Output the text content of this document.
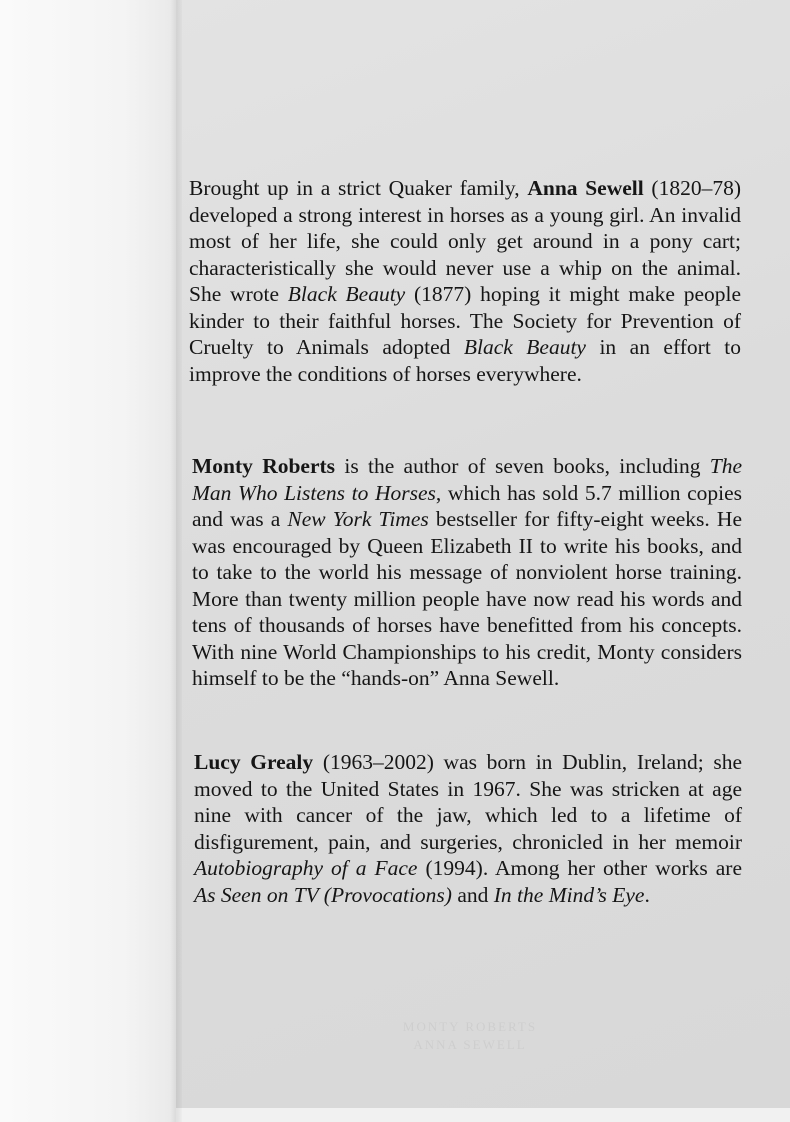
Brought up in a strict Quaker family, Anna Sewell (1820–78) developed a strong interest in horses as a young girl. An invalid most of her life, she could only get around in a pony cart; characteristically she would never use a whip on the animal. She wrote Black Beauty (1877) hoping it might make people kinder to their faithful horses. The Society for Prevention of Cruelty to Animals adopted Black Beauty in an effort to improve the conditions of horses everywhere.

Monty Roberts is the author of seven books, including The Man Who Listens to Horses, which has sold 5.7 million copies and was a New York Times bestseller for fifty-eight weeks. He was encouraged by Queen Elizabeth II to write his books, and to take to the world his message of nonviolent horse training. More than twenty million people have now read his words and tens of thousands of horses have benefitted from his concepts. With nine World Championships to his credit, Monty considers himself to be the “hands-on” Anna Sewell.

Lucy Grealy (1963–2002) was born in Dublin, Ireland; she moved to the United States in 1967. She was stricken at age nine with cancer of the jaw, which led to a lifetime of disfigurement, pain, and surgeries, chronicled in her memoir Autobiography of a Face (1994). Among her other works are As Seen on TV (Provocations) and In the Mind’s Eye.

MONTY ROBERTS
ANNA SEWELL
